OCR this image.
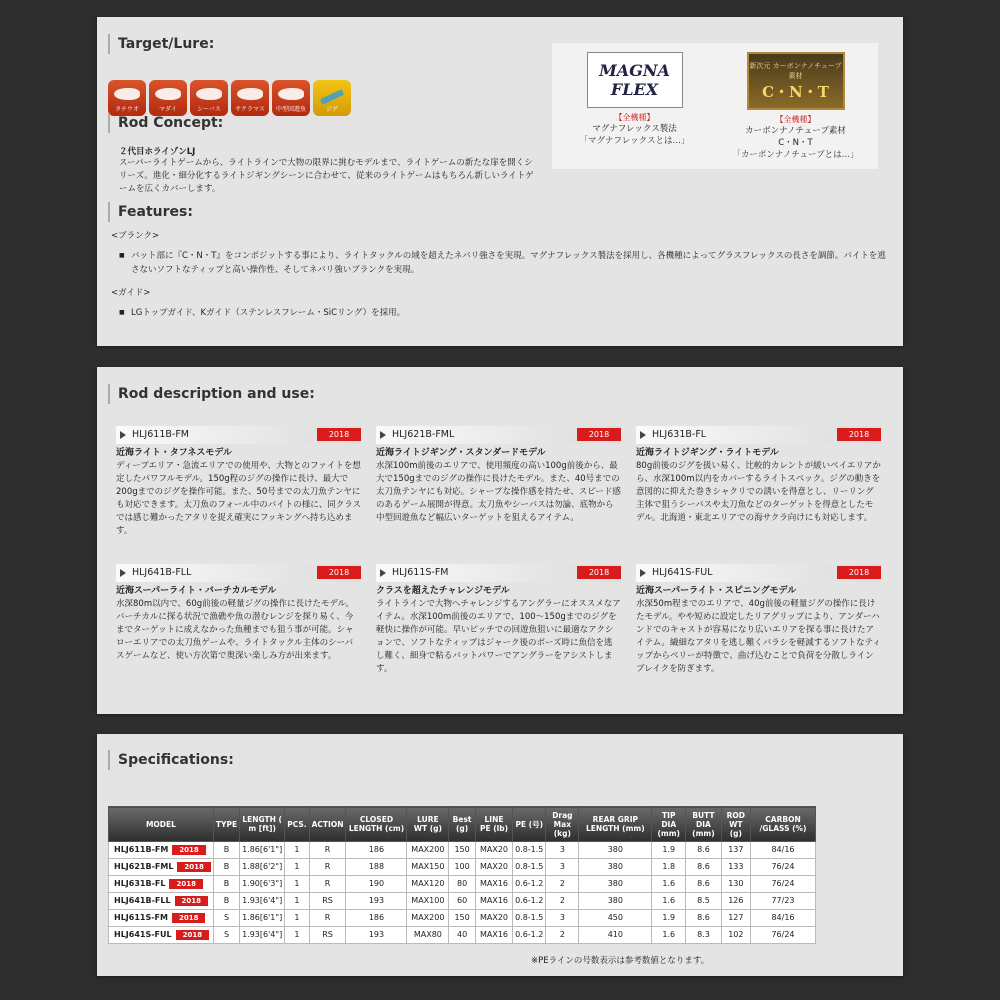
Target/Lure:
タチウオ	マダイ	シーバス サクラマス 中型回遊魚	ジグ
Rod Concept:
２代目ホライゾンLJ
スーパーライトゲームから、ライトラインで大物の限界に挑むモデルまで、ライトゲームの新たな扉を開くシリーズ。進化・細分化するライトジギングシーンに合わせて、従来のライトゲームはもちろん新しいライトゲームを広くカバーします。
Features:
<ブランク>
■ バット部に『C・N・T』をコンポジットする事により、ライトタックルの域を超えたネバリ強さを実現。マグナフレックス製法を採用し、各機種によってグラスフレックスの長さを調節。バイトを逃さないソフトなティップと高い操作性、そしてネバリ強いブランクを実現。
<ガイド>
■ LGトップガイド、Kガイド（ステンレスフレーム・SiCリング）を採用。
MAGNA FLEX
【全機種】
マグナフレックス製法
「マグナフレックスとは…」
新次元 カーボンナノチューブ素材
C・N・T
【全機種】
カーボンナノチューブ素材
C・N・T
「カーボンナノチューブとは…」
Rod description and use:
HLJ611B-FM	2018
近海ライト・タフネスモデル
ディープエリア・急流エリアでの使用や、大物とのファイトを想定したパワフルモデル。150g程のジグの操作に長け、最大で200gまでのジグを操作可能。また、50号までの太刀魚テンヤにも対応できます。太刀魚のフォール中のバイトの様に、同クラスでは感じ難かったアタリを捉え確実にフッキングへ持ち込めます。
HLJ621B-FML	2018
近海ライトジギング・スタンダードモデル
水深100m前後のエリアで、使用頻度の高い100g前後から、最大で150gまでのジグの操作に長けたモデル。また、40号までの太刀魚テンヤにも対応。シャープな操作感を持たせ、スピード感のあるゲーム展開が得意。太刀魚やシーバスは勿論、底物から中型回遊魚など幅広いターゲットを狙えるアイテム。
HLJ631B-FL	2018
近海ライトジギング・ライトモデル
80g前後のジグを扱い易く、比較的カレントが緩いベイエリアから、水深100m以内をカバーするライトスペック。ジグの動きを意図的に抑えた巻きシャクリでの誘いを得意とし、リーリング主体で狙うシーバスや太刀魚などのターゲットを得意としたモデル。北海道・東北エリアでの海サクラ向けにも対応します。
HLJ641B-FLL	2018
近海スーパーライト・バーチカルモデル
水深80m以内で、60g前後の軽量ジグの操作に長けたモデル。バーチカルに探る状況で漁礁や魚の潜むレンジを探り易く、今までターゲットに成えなかった魚種までも狙う事が可能。シャローエリアでの太刀魚ゲームや、ライトタックル主体のシーバスゲームなど、使い方次第で奥深い楽しみ方が出来ます。
HLJ611S-FM	2018
クラスを超えたチャレンジモデル
ライトラインで大物へチャレンジするアングラーにオススメなアイテム。水深100m前後のエリアで、100～150gまでのジグを軽快に操作が可能。早いピッチでの回遊魚狙いに最適なアクションで、ソフトなティップはジャーク後のボーズ時に魚信を逃し難く、細身で粘るバットパワーでアングラーをアシストします。
HLJ641S-FUL	2018
近海スーパーライト・スピニングモデル
水深50m程までのエリアで、40g前後の軽量ジグの操作に長けたモデル。やや短めに設定したリアグリップにより、アンダーハンドでのキャストが容易になり広いエリアを探る事に長けたアイテム。繊細なアタリを逃し難くバラシを軽減するソフトなティップからベリーが特徴で、曲げ込むことで負荷を分散しラインブレイクを防ぎます。
Specifications:
MODEL	TYPE	LENGTH ( m [ft])	PCS.	ACTION	CLOSED LENGTH (cm)	LURE WT (g)	Best (g)	LINE PE (lb)	PE (号)	Drag Max (kg)	REAR GRIP LENGTH (mm)	TIP DIA (mm)	BUTT DIA (mm)	ROD WT (g)	CARBON /GLASS (%)
HLJ611B-FM 2018	B	1.86[6'1"]	1	R	186	MAX200	150	MAX20	0.8-1.5	3	380	1.9	8.6	137	84/16
HLJ621B-FML 2018	B	1.88[6'2"]	1	R	188	MAX150	100	MAX20	0.8-1.5	3	380	1.8	8.6	133	76/24
HLJ631B-FL 2018	B	1.90[6'3"]	1	R	190	MAX120	80	MAX16	0.6-1.2	2	380	1.6	8.6	130	76/24
HLJ641B-FLL 2018	B	1.93[6'4"]	1	RS	193	MAX100	60	MAX16	0.6-1.2	2	380	1.6	8.5	126	77/23
HLJ611S-FM 2018	S	1.86[6'1"]	1	R	186	MAX200	150	MAX20	0.8-1.5	3	450	1.9	8.6	127	84/16
HLJ641S-FUL 2018	S	1.93[6'4"]	1	RS	193	MAX80	40	MAX16	0.6-1.2	2	410	1.6	8.3	102	76/24
※PEラインの号数表示は参考数値となります。
